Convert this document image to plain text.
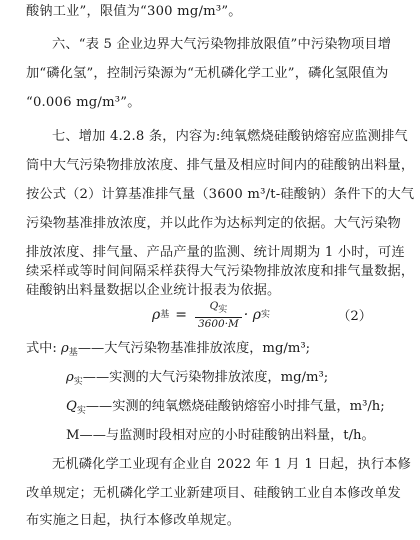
酸钠工业”，限值为“300 mg/m³”。
六、“表 5 企业边界大气污染物排放限值”中污染物项目增
加“磷化氢”，控制污染源为“无机磷化学工业”，磷化氢限值为
“0.006 mg/m³”。
七、增加 4.2.8 条，内容为:纯氧燃烧硅酸钠熔窑应监测排气
筒中大气污染物排放浓度、排气量及相应时间内的硅酸钠出料量，
按公式（2）计算基准排气量（3600 m³/t-硅酸钠）条件下的大气
污染物基准排放浓度，并以此作为达标判定的依据。大气污染物
排放浓度、排气量、产品产量的监测、统计周期为 1 小时，可连
续采样或等时间间隔采样获得大气污染物排放浓度和排气量数据，
硅酸钠出料量数据以企业统计报表为依据。
ρ 基 = $\frac{\text{Q实}}{3600\cdot M} \cdot \rho$ 实	（2）
式中: $\rho_基——$大气污染物基准排放浓度，mg/m³;
$\rho_实——$实测的大气污染物排放浓度，mg/m³;
$Q_实——$实测的纯氧燃烧硅酸钠熔窑小时排气量，m³/h;
M——与监测时段相对应的小时硅酸钠出料量，t/h。
无机磷化学工业现有企业自 2022 年 1 月 1 日起，执行本修
改单规定；无机磷化学工业新建项目、硅酸钠工业自本修改单发
布实施之日起，执行本修改单规定。
